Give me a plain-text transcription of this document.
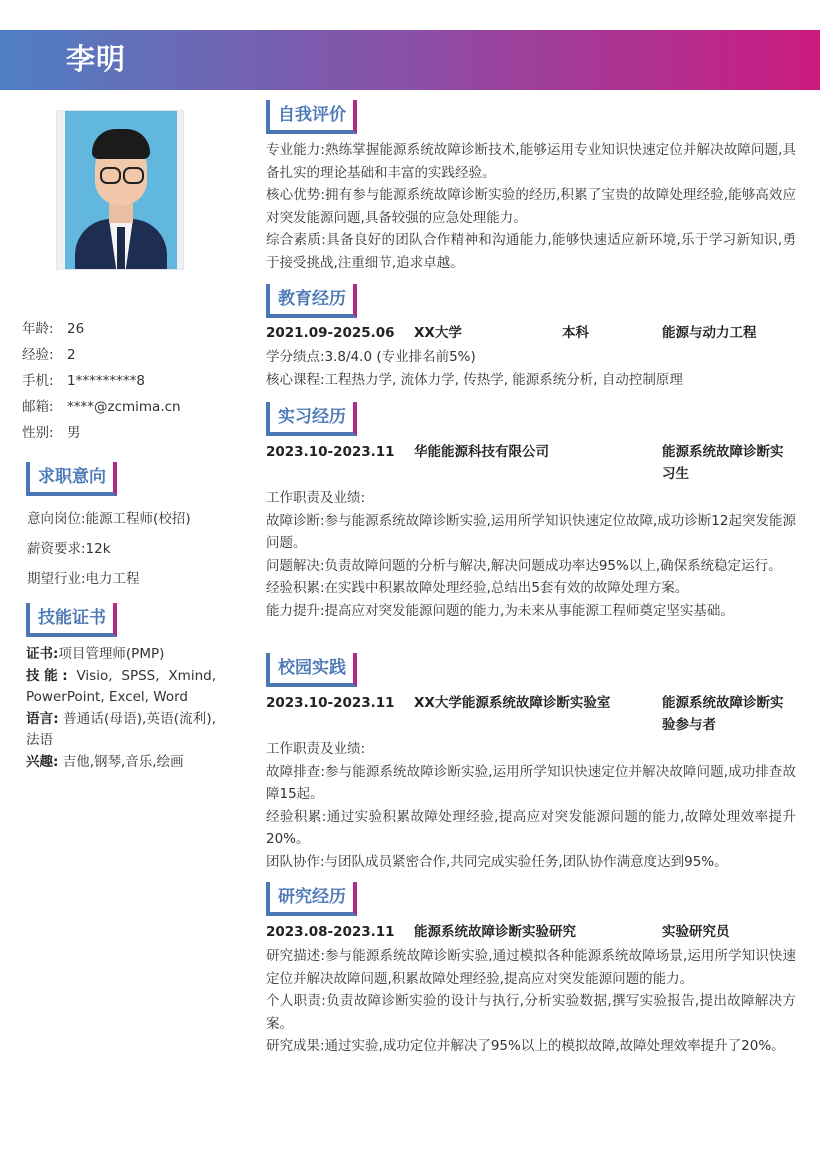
李明
年龄: 26
经验: 2
手机: 1*********8
邮箱: ****@zcmima.cn
性别: 男
求职意向
意向岗位:能源工程师(校招)
薪资要求:12k
期望行业:电力工程
技能证书
证书:项目管理师(PMP)
技能: Visio, SPSS, Xmind, PowerPoint, Excel, Word
语言: 普通话(母语),英语(流利),法语
兴趣: 吉他,钢琴,音乐,绘画
自我评价
专业能力:熟练掌握能源系统故障诊断技术,能够运用专业知识快速定位并解决故障问题,具备扎实的理论基础和丰富的实践经验。
核心优势:拥有参与能源系统故障诊断实验的经历,积累了宝贵的故障处理经验,能够高效应对突发能源问题,具备较强的应急处理能力。
综合素质:具备良好的团队合作精神和沟通能力,能够快速适应新环境,乐于学习新知识,勇于接受挑战,注重细节,追求卓越。
教育经历
2021.09-2025.06 XX大学	本科	能源与动力工程
学分绩点:3.8/4.0 (专业排名前5%)
核心课程:工程热力学, 流体力学, 传热学, 能源系统分析, 自动控制原理
实习经历
2023.10-2023.11 华能能源科技有限公司	能源系统故障诊断实习生
工作职责及业绩:
故障诊断:参与能源系统故障诊断实验,运用所学知识快速定位故障,成功诊断12起突发能源问题。
问题解决:负责故障问题的分析与解决,解决问题成功率达95%以上,确保系统稳定运行。
经验积累:在实践中积累故障处理经验,总结出5套有效的故障处理方案。
能力提升:提高应对突发能源问题的能力,为未来从事能源工程师奠定坚实基础。
校园实践
2023.10-2023.11 XX大学能源系统故障诊断实验室	能源系统故障诊断实验参与者
工作职责及业绩:
故障排查:参与能源系统故障诊断实验,运用所学知识快速定位并解决故障问题,成功排查故障15起。
经验积累:通过实验积累故障处理经验,提高应对突发能源问题的能力,故障处理效率提升20%。
团队协作:与团队成员紧密合作,共同完成实验任务,团队协作满意度达到95%。
研究经历
2023.08-2023.11 能源系统故障诊断实验研究	实验研究员
研究描述:参与能源系统故障诊断实验,通过模拟各种能源系统故障场景,运用所学知识快速定位并解决故障问题,积累故障处理经验,提高应对突发能源问题的能力。
个人职责:负责故障诊断实验的设计与执行,分析实验数据,撰写实验报告,提出故障解决方案。
研究成果:通过实验,成功定位并解决了95%以上的模拟故障,故障处理效率提升了20%。
